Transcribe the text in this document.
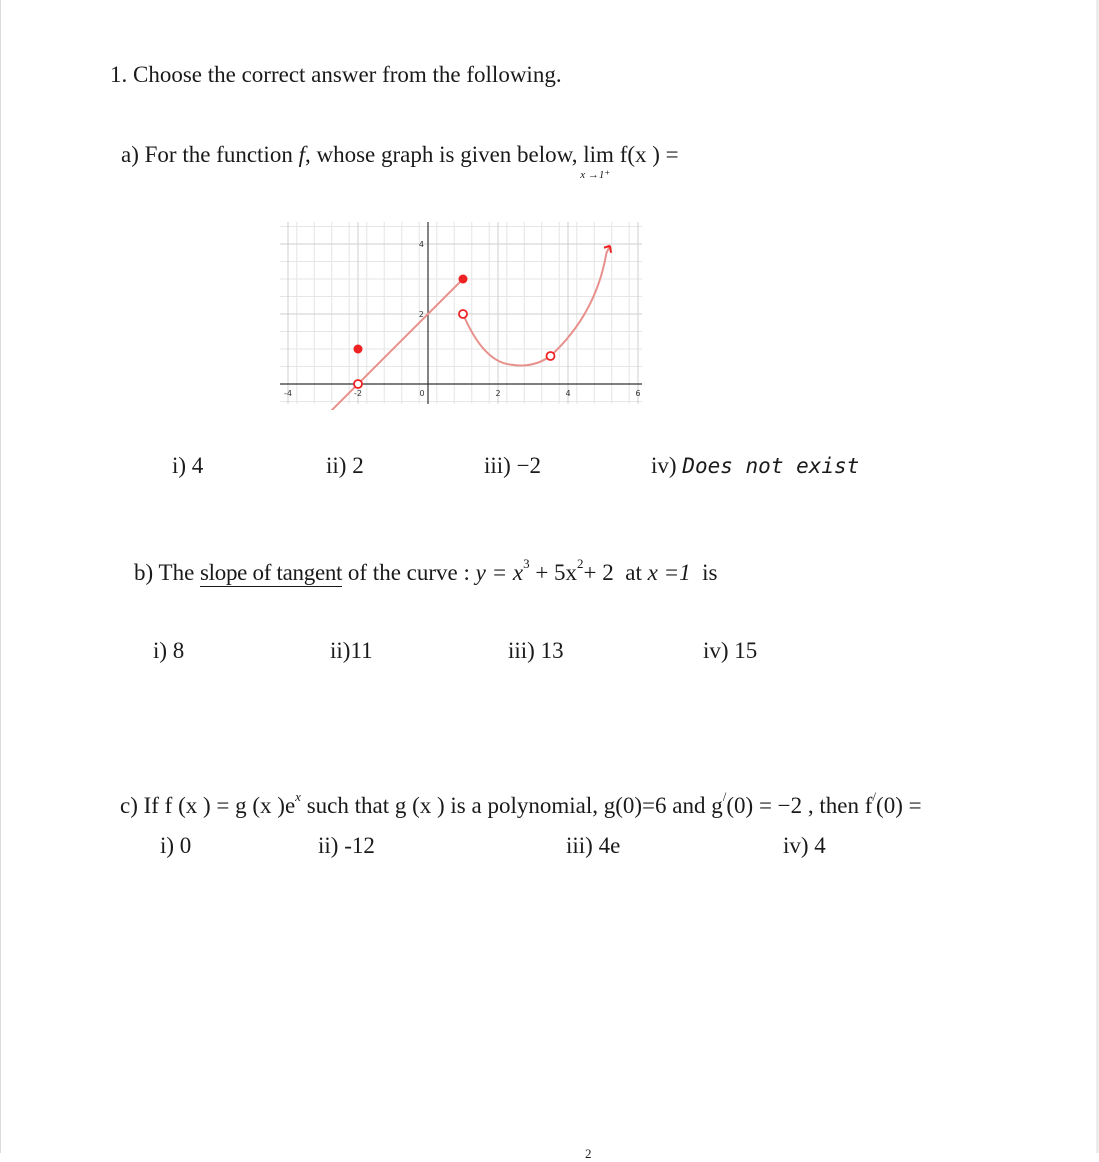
1. Choose the correct answer from the following.
a) For the function f, whose graph is given below, lim
x →1⁺
f(x ) =
-4	-2	0	2	4	6
4
2
i) 4	ii) 2	iii) −2	iv) Does not exist
b) The slope of tangent of the curve : $y = x^3 + 5x^2+ 2$ at x =1 is
i) 8	ii)11	iii) 13	iv) 15
c) If f (x ) = g (x )$e^x$ such that g (x ) is a polynomial, g(0)=6 and g/(0) = −2 , then f/(0) =
i) 0	ii) -12	iii) 4e	iv) 4
2
